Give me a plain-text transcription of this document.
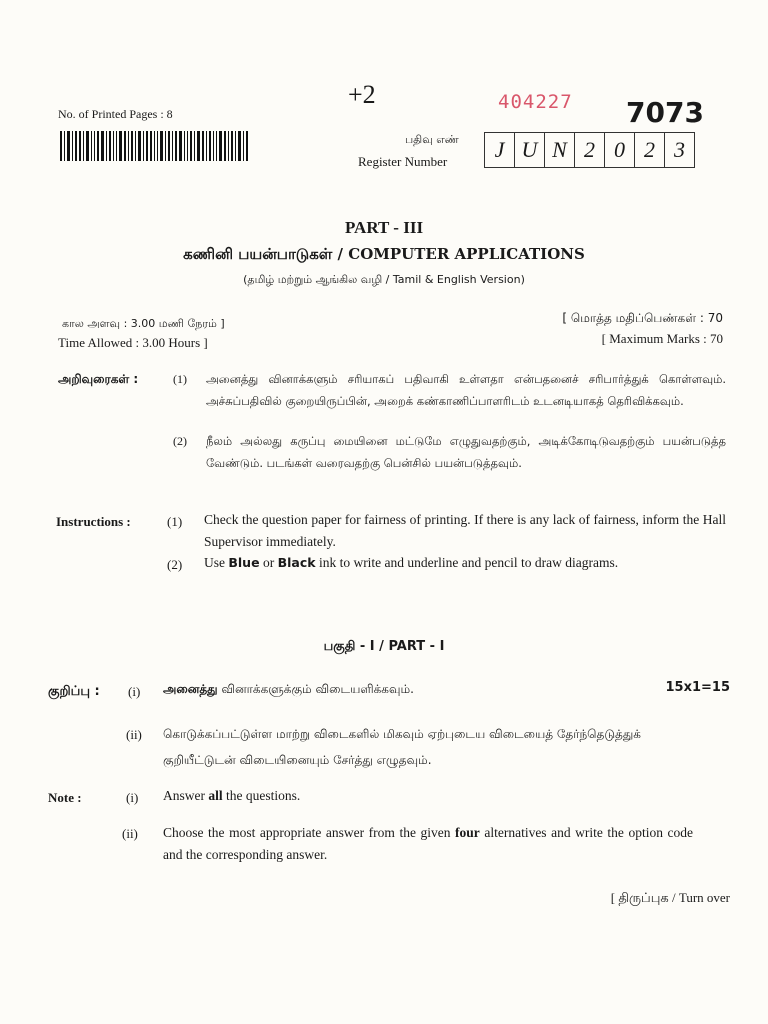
No. of Printed Pages : 8
+2	404227 7073
பதிவு எண்
Register Number	J U N 2 0 2 3
PART - III
கணினி பயன்பாடுகள் / COMPUTER APPLICATIONS
(தமிழ் மற்றும் ஆங்கில வழி / Tamil & English Version)
கால அளவு : 3.00 மணி நேரம் ]
Time Allowed : 3.00 Hours ]
[ மொத்த மதிப்பெண்கள் : 70
[ Maximum Marks : 70
அறிவுரைகள் :	(1) அனைத்து வினாக்களும் சரியாகப் பதிவாகி உள்ளதா என்பதனைச் சரிபார்த்துக் கொள்ளவும். அச்சுப்பதிவில் குறையிருப்பின், அறைக் கண்காணிப்பாளரிடம் உடனடியாகத் தெரிவிக்கவும்.
(2) நீலம் அல்லது கருப்பு மையினை மட்டுமே எழுதுவதற்கும், அடிக்கோடிடுவதற்கும் பயன்படுத்த வேண்டும். படங்கள் வரைவதற்கு பென்சில் பயன்படுத்தவும்.
Instructions :	(1) Check the question paper for fairness of printing. If there is any lack of fairness, inform the Hall Supervisor immediately.
(2) Use Blue or Black ink to write and underline and pencil to draw diagrams.
பகுதி - I / PART - I
குறிப்பு : (i) அனைத்து வினாக்களுக்கும் விடையளிக்கவும்.	15x1=15
(ii) கொடுக்கப்பட்டுள்ள மாற்று விடைகளில் மிகவும் ஏற்புடைய விடையைத் தேர்ந்தெடுத்துக் குறியீட்டுடன் விடையினையும் சேர்த்து எழுதவும்.
Note :	(i) Answer all the questions.
(ii) Choose the most appropriate answer from the given four alternatives and write the option code and the corresponding answer.
[ திருப்புக / Turn over
